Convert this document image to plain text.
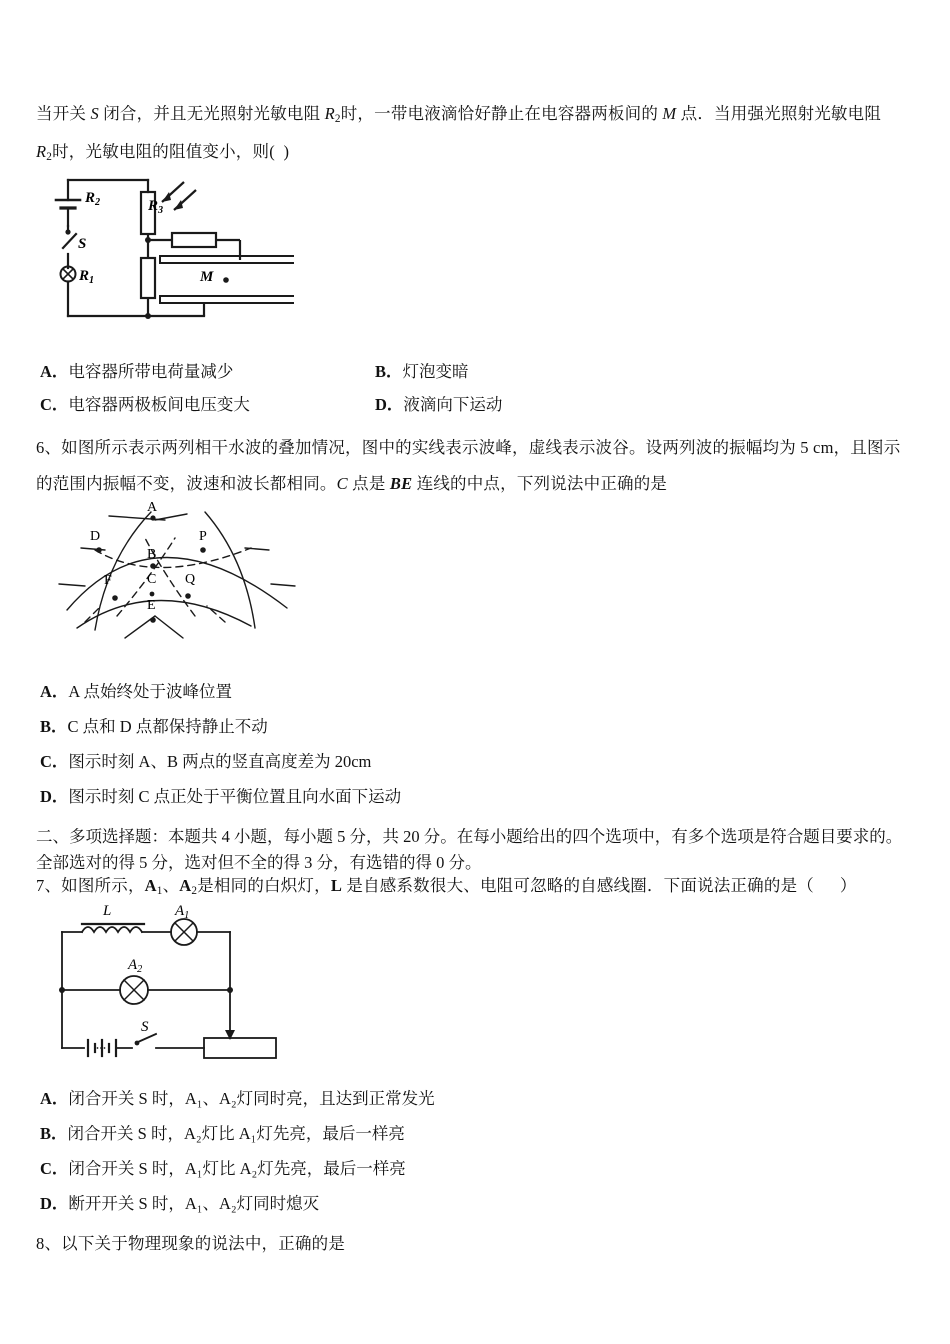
当开关 S 闭合，并且无光照射光敏电阻 $R_2$时，一带电液滴恰好静止在电容器两板间的 M 点．当用强光照射光敏电阻
$R_2$时，光敏电阻的阻值变小，则(  )
$R_2$
S
$R_1$
$R_3$
M
A．电容器所带电荷量减少	B．灯泡变暗
C．电容器两极板间电压变大	D．液滴向下运动
6、如图所示表示两列相干水波的叠加情况，图中的实线表示波峰，虚线表示波谷。设两列波的振幅均为 5 cm，且图示
的范围内振幅不变，波速和波长都相同。C 点是 BE 连线的中点，下列说法中正确的是
A
D	P
B
F	C Q
E
A．A 点始终处于波峰位置
B．C 点和 D 点都保持静止不动
C．图示时刻 A、B 两点的竖直高度差为 20cm
D．图示时刻 C 点正处于平衡位置且向水面下运动
二、多项选择题：本题共 4 小题，每小题 5 分，共 20 分。在每小题给出的四个选项中，有多个选项是符合题目要求的。
全部选对的得 5 分，选对但不全的得 3 分，有选错的得 0 分。
7、如图所示，$A_1$、$A_2$是相同的白炽灯，L 是自感系数很大、电阻可忽略的自感线圈．下面说法正确的是（      ）
L	$A_1$
$A_2$
S
A．闭合开关 S 时，A₁、A₂灯同时亮，且达到正常发光
B．闭合开关 S 时，A₂灯比 A₁灯先亮，最后一样亮
C．闭合开关 S 时，A₁灯比 A₂灯先亮，最后一样亮
D．断开开关 S 时，A₁、A₂灯同时熄灭
8、以下关于物理现象的说法中，正确的是
